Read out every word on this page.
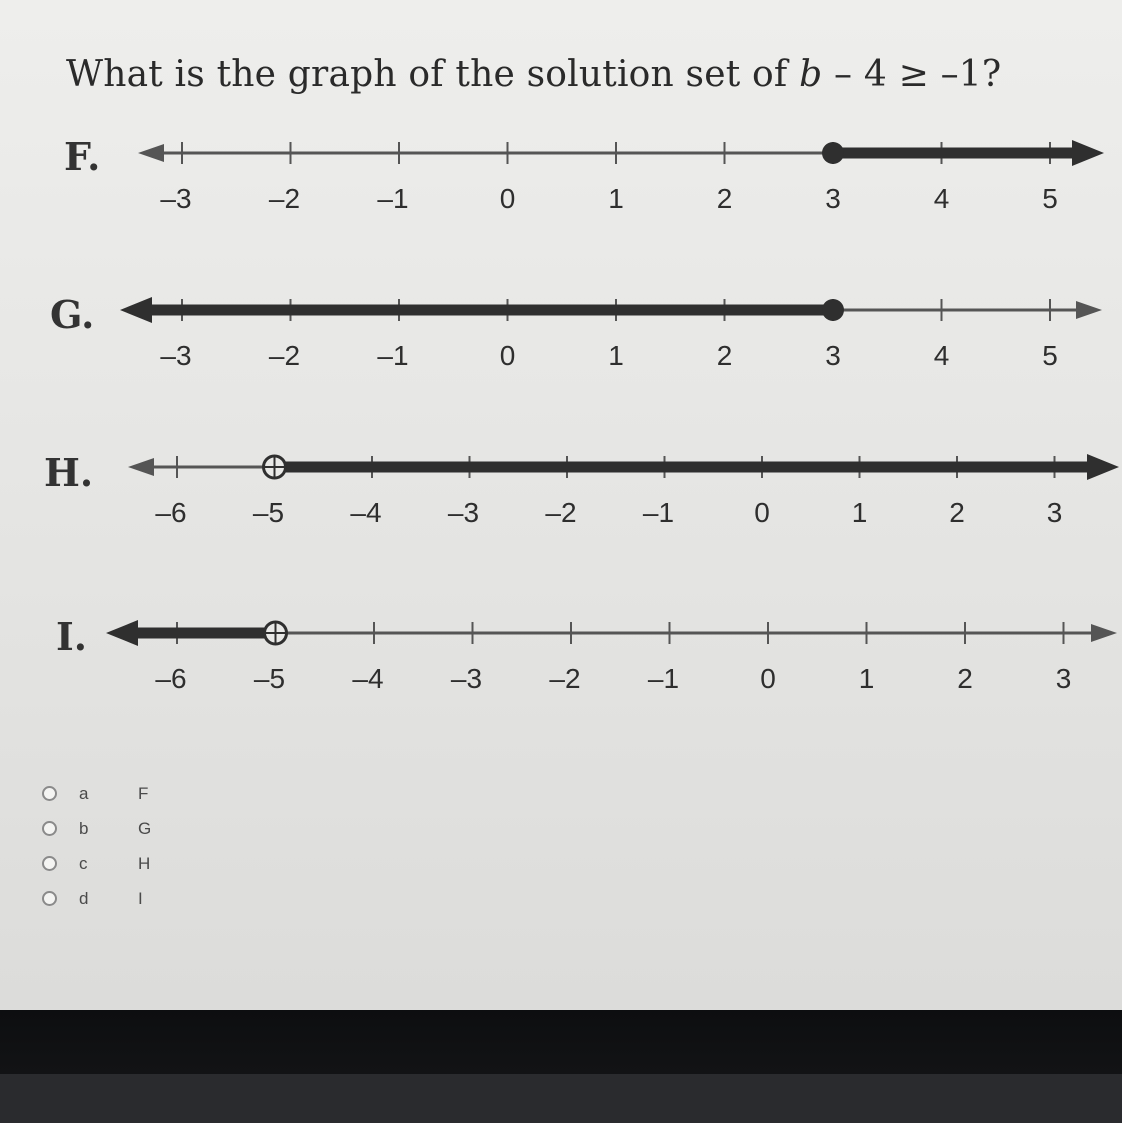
What is the graph of the solution set of b – 4 ≥ –1?
F.
G.
H.
I.
–3	–2	–1	0	1	2	3	4	5
–3	–2	–1	0	1	2	3	4	5
–6 –5 –4 –3 –2 –1	0	1	2	3
–6 –5 –4 –3 –2 –1	0	1	2	3
a	F
b	G
c	H
d	I
